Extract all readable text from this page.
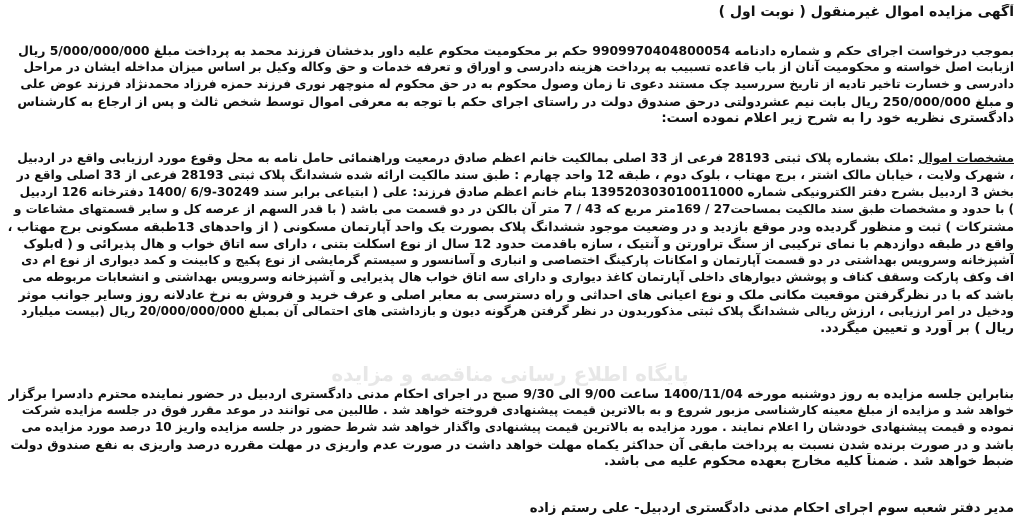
آگهی مزایده اموال غیرمنقول ( نوبت اول )
بموجب درخواست اجرای حکم و شماره دادنامه 9909970404800054 حکم بر محکومیت محکوم علیه داور بدخشان فرزند محمد به پرداخت مبلغ 5/000/000/000 ریال
ازبابت اصل خواسته و محکومیت آنان از باب قاعده تسبیب به پرداخت هزینه دادرسی و اوراق و تعرفه خدمات و حق وکاله وکیل بر اساس میزان مداخله ایشان در مراحل
دادرسی و خسارت تاخیر تادیه از تاریخ سررسید چک مستند دعوی تا زمان وصول محکوم به در حق محکوم له منوچهر نوری فرزند حمزه فرزاد محمدنژاد فرزند عوض علی
و مبلغ 250/000/000 ریال بابت نیم عشردولتی درحق صندوق دولت در راستای اجرای حکم با توجه به معرفی اموال توسط شخص ثالث و پس از ارجاع به کارشناس
دادگستری نظریه خود را به شرح زیر اعلام نموده است:
مشخصات اموال :ملک بشماره پلاک ثبتی 28193 فرعی از 33 اصلی بمالکیت خانم اعظم صادق درمعیت وراهنمائی حامل نامه به محل وقوع مورد ارزیابی واقع در اردبیل
، شهرک ولایت ، خیابان مالک اشتر ، برج مهتاب ، بلوک دوم ، طبقه 12 واحد چهارم : طبق سند مالکیت ارائه شده ششدانگ پلاک ثبتی 28193 فرعی از 33 اصلی واقع در
بخش 3 اردبیل بشرح دفتر الکترونیکی شماره 139520303010011000 بنام خانم اعظم صادق فرزند: علی ( ابتیاعی برابر سند 30249-6/9 /1400 دفترخانه 126 اردبیل
) با حدود و مشخصات طبق سند مالکیت بمساحت27 / 169متر مربع که 43 / 7 متر آن بالکن در دو قسمت می باشد ( با قدر السهم از عرصه کل و سایر قسمتهای مشاعات و
مشترکات ) ثبت و منظور گردیده ودر موقع بازدید و در وضعیت موجود ششدانگ پلاک بصورت یک واحد آپارتمان مسکونی ( از واحدهای 13طبقه مسکونی برج مهتاب ،
واقع در طبقه دوازدهم با نمای ترکیبی از سنگ تراورتن و آنتیک ، سازه باقدمت حدود 12 سال از نوع اسکلت بتنی ، دارای سه اتاق خواب و هال پذیرائی و ( dبلوک
آشپزخانه وسرویس بهداشتی در دو قسمت آپارتمان و امکانات پارکینگ اختصاصی و انباری و آسانسور و سیستم گرمایشی از نوع پکیج و کابینت و کمد دیواری از نوع ام دی
اف وکف پارکت وسقف کناف و پوشش دیوارهای داخلی آپارتمان کاغذ دیواری و دارای سه اتاق خواب هال پذیرایی و آشپزخانه وسرویس بهداشتی و انشعابات مربوطه می
باشد که با در نظرگرفتن موقعیت مکانی ملک و نوع اعیانی های احداثی و راه دسترسی به معابر اصلی و عرف خرید و فروش به نرخ عادلانه روز وسایر جوانب موثر
ودخیل در امر ارزیابی ، ارزش ریالی ششدانگ پلاک ثبتی مذکوربدون در نظر گرفتن هرگونه دیون و بازداشتی های احتمالی آن بمبلغ 20/000/000/000 ریال (بیست میلیارد
ریال ) بر آورد و تعیین میگردد.
پایگاه اطلاع رسانی مناقصه و مزایده
بنابراین جلسه مزایده به روز دوشنبه مورخه 1400/11/04 ساعت 9/00 الی 9/30 صبح در اجرای احکام مدنی دادگستری اردبیل در حضور نماینده محترم دادسرا برگزار
خواهد شد و مزایده از مبلغ معینه کارشناسی مزبور شروع و به بالاترین قیمت پیشنهادی فروخته خواهد شد . طالبین می توانند در موعد مقرر فوق در جلسه مزایده شرکت
نموده و قیمت پیشنهادی خودشان را اعلام نمایند . مورد مزایده به بالاترین قیمت پیشنهادی واگذار خواهد شد شرط حضور در جلسه مزایده واریز 10 درصد مورد مزایده می
باشد و در صورت برنده شدن نسبت به پرداخت مابقی آن حداکثر یکماه مهلت خواهد داشت در صورت عدم واریزی در مهلت مقرره درصد واریزی به نفع صندوق دولت
ضبط خواهد شد . ضمناً کلیه مخارج بعهده محکوم علیه می باشد.
مدیر دفتر شعبه سوم اجرای احکام مدنی دادگستری اردبیل- علی رستم زاده
